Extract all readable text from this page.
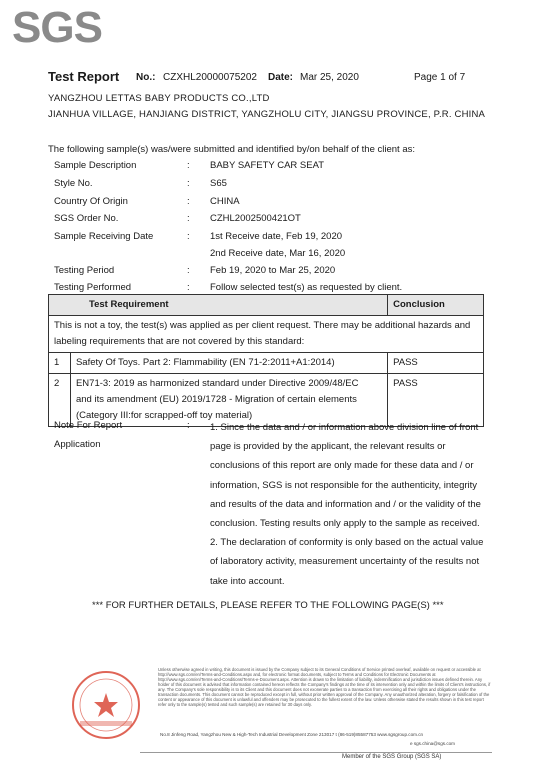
SGS
Test Report No.: CZXHL20000075202 Date: Mar 25, 2020	Page 1 of 7
YANGZHOU LETTAS BABY PRODUCTS CO.,LTD
JIANHUA VILLAGE, HANJIANG DISTRICT, YANGZHOLU CITY, JIANGSU PROVINCE, P.R. CHINA
The following sample(s) was/were submitted and identified by/on behalf of the client as:
Sample Description	: BABY SAFETY CAR SEAT
Style No.	: S65
Country Of Origin	: CHINA
SGS Order No.	: CZHL2002500421OT
Sample Receiving Date	: 1st Receive date, Feb 19, 2020
2nd Receive date, Mar 16, 2020
Testing Period	: Feb 19, 2020 to Mar 25, 2020
Testing Performed	: Follow selected test(s) as requested by client.
Test Requirement		Conclusion

This is not a toy, the test(s) was applied as per client request. There may be additional hazards and
labeling requirements that are not covered by this standard:		

1	Safety Of Toys. Part 2: Flammability (EN 71-2:2011+A1:2014)	PASS
2	EN71-3: 2019 as harmonized standard under Directive 2009/48/EC
and its amendment (EU) 2019/1728 - Migration of certain elements
(Category III:for scrapped-off toy material)	PASS
Note For Report
Application
: 1. Since the data and / or information above division line of front
page is provided by the applicant, the relevant results or
conclusions of this report are only made for these data and / or
information, SGS is not responsible for the authenticity, integrity
and results of the data and information and / or the validity of the
conclusion. Testing results only apply to the sample as received.
2. The declaration of conformity is only based on the actual value
of laboratory activity, measurement uncertainty of the results not
take into account.
*** FOR FURTHER DETAILS, PLEASE REFER TO THE FOLLOWING PAGE(S) ***
Unless otherwise agreed in writing, this document is issued by the Company subject to its General Conditions of Service printed overleaf, available on request or accessible at http://www.sgs.com/en/Terms-and-Conditions.aspx and, for electronic format documents, subject to Terms and Conditions for Electronic Documents at http://www.sgs.com/en/Terms-and-Conditions/Terms-e-Document.aspx. Attention is drawn to the limitation of liability, indemnification and jurisdiction issues defined therein. Any holder of this document is advised that information contained hereon reflects the Company's findings at the time of its intervention only and within the limits of Client's instructions, if any. The Company's sole responsibility is to its Client and this document does not exonerate parties to a transaction from exercising all their rights and obligations under the transaction documents. This document cannot be reproduced except in full, without prior written approval of the Company. Any unauthorized alteration, forgery or falsification of the content or appearance of this document is unlawful and offenders may be prosecuted to the fullest extent of the law. Unless otherwise stated the results shown in this test report refer only to the sample(s) tested and such sample(s) are retained for 30 days only.
No.8 Jinfeng Road, Yangzhou New & High-Tech Industrial Development Zone 213017 t (86-519)85587753 www.sgsgroup.com.cn
e sgs.china@sgs.com
Member of the SGS Group (SGS SA)
